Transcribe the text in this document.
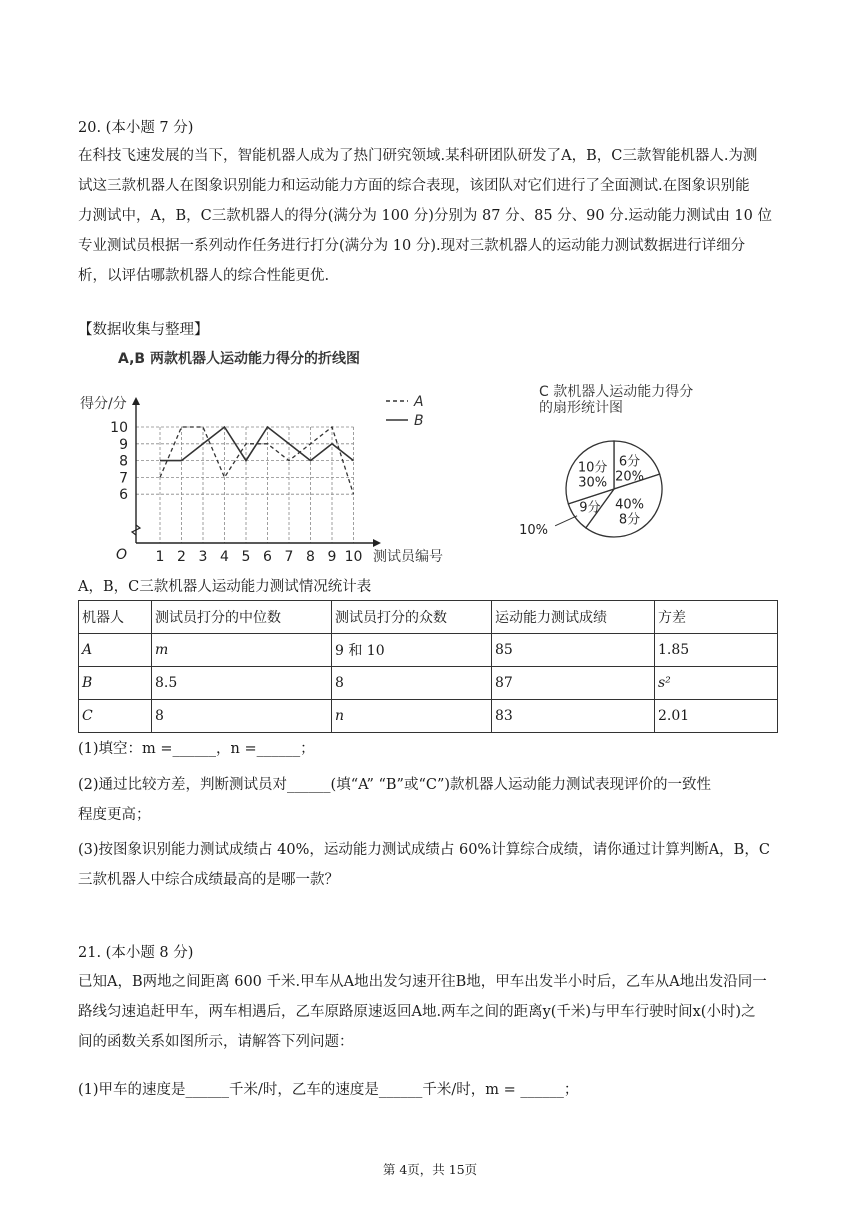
20. (本小题 7 分)
在科技飞速发展的当下，智能机器人成为了热门研究领域.某科研团队研发了A，B，C三款智能机器人.为测
试这三款机器人在图象识别能力和运动能力方面的综合表现，该团队对它们进行了全面测试.在图象识别能
力测试中，A，B，C三款机器人的得分(满分为 100 分)分别为 87 分、85 分、90 分.运动能力测试由 10 位
专业测试员根据一系列动作任务进行打分(满分为 10 分).现对三款机器人的运动能力测试数据进行详细分
析，以评估哪款机器人的综合性能更优.
【数据收集与整理】
A,B 两款机器人运动能力得分的折线图
6
7
8
9
10
1 2 3 4 5 6 7 8 9 10
O
得分/分
测试员编号
A
B
C 款机器人运动能力得分
的扇形统计图
6分
20%
40%
8分
9分
10%
10分
30%
A，B，C三款机器人运动能力测试情况统计表
机器人	测试员打分的中位数	测试员打分的众数	运动能力测试成绩	方差
A	m	9 和 10	85	1.85
B	8.5	8	87	s²
C	8	n	83	2.01
(1)填空：m =______，n =______；
(2)通过比较方差，判断测试员对______(填“A” “B”或“C”)款机器人运动能力测试表现评价的一致性
程度更高；
(3)按图象识别能力测试成绩占 40%，运动能力测试成绩占 60%计算综合成绩，请你通过计算判断A，B，C
三款机器人中综合成绩最高的是哪一款？
21. (本小题 8 分)
已知A，B两地之间距离 600 千米.甲车从A地出发匀速开往B地，甲车出发半小时后，乙车从A地出发沿同一
路线匀速追赶甲车，两车相遇后，乙车原路原速返回A地.两车之间的距离y(千米)与甲车行驶时间x(小时)之
间的函数关系如图所示，请解答下列问题：
(1)甲车的速度是______千米/时，乙车的速度是______千米/时，m = ______；
第 4页，共 15页
